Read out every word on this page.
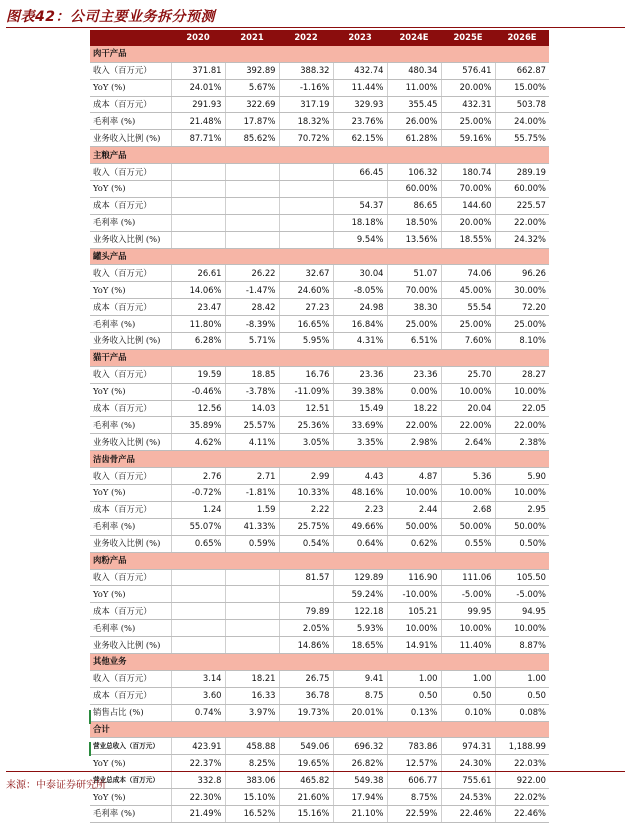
图表42：公司主要业务拆分预测
	2020	2021	2022	2023	2024E	2025E	2026E
肉干产品							
收入（百万元）	371.81	392.89	388.32	432.74	480.34	576.41	662.87
YoY (%)	24.01%	5.67%	-1.16%	11.44%	11.00%	20.00%	15.00%
成本（百万元）	291.93	322.69	317.19	329.93	355.45	432.31	503.78
毛利率 (%)	21.48%	17.87%	18.32%	23.76%	26.00%	25.00%	24.00%
业务收入比例 (%)	87.71%	85.62%	70.72%	62.15%	61.28%	59.16%	55.75%
主粮产品							
收入（百万元）				66.45	106.32	180.74	289.19
YoY (%)					60.00%	70.00%	60.00%
成本（百万元）				54.37	86.65	144.60	225.57
毛利率 (%)				18.18%	18.50%	20.00%	22.00%
业务收入比例 (%)				9.54%	13.56%	18.55%	24.32%
罐头产品							
收入（百万元）	26.61	26.22	32.67	30.04	51.07	74.06	96.26
YoY (%)	14.06%	-1.47%	24.60%	-8.05%	70.00%	45.00%	30.00%
成本（百万元）	23.47	28.42	27.23	24.98	38.30	55.54	72.20
毛利率 (%)	11.80%	-8.39%	16.65%	16.84%	25.00%	25.00%	25.00%
业务收入比例 (%)	6.28%	5.71%	5.95%	4.31%	6.51%	7.60%	8.10%
猫干产品							
收入（百万元）	19.59	18.85	16.76	23.36	23.36	25.70	28.27
YoY (%)	-0.46%	-3.78%	-11.09%	39.38%	0.00%	10.00%	10.00%
成本（百万元）	12.56	14.03	12.51	15.49	18.22	20.04	22.05
毛利率 (%)	35.89%	25.57%	25.36%	33.69%	22.00%	22.00%	22.00%
业务收入比例 (%)	4.62%	4.11%	3.05%	3.35%	2.98%	2.64%	2.38%
洁齿骨产品							
收入（百万元）	2.76	2.71	2.99	4.43	4.87	5.36	5.90
YoY (%)	-0.72%	-1.81%	10.33%	48.16%	10.00%	10.00%	10.00%
成本（百万元）	1.24	1.59	2.22	2.23	2.44	2.68	2.95
毛利率 (%)	55.07%	41.33%	25.75%	49.66%	50.00%	50.00%	50.00%
业务收入比例 (%)	0.65%	0.59%	0.54%	0.64%	0.62%	0.55%	0.50%
肉粉产品							
收入（百万元）			81.57	129.89	116.90	111.06	105.50
YoY (%)				59.24%	-10.00%	-5.00%	-5.00%
成本（百万元）			79.89	122.18	105.21	99.95	94.95
毛利率 (%)			2.05%	5.93%	10.00%	10.00%	10.00%
业务收入比例 (%)			14.86%	18.65%	14.91%	11.40%	8.87%
其他业务							
收入（百万元）	3.14	18.21	26.75	9.41	1.00	1.00	1.00
成本（百万元）	3.60	16.33	36.78	8.75	0.50	0.50	0.50
销售占比 (%)	0.74%	3.97%	19.73%	20.01%	0.13%	0.10%	0.08%
合计							
营业总收入（百万元）	423.91	458.88	549.06	696.32	783.86	974.31	1,188.99
YoY (%)	22.37%	8.25%	19.65%	26.82%	12.57%	24.30%	22.03%
营业总成本（百万元）	332.8	383.06	465.82	549.38	606.77	755.61	922.00
YoY (%)	22.30%	15.10%	21.60%	17.94%	8.75%	24.53%	22.02%
毛利率 (%)	21.49%	16.52%	15.16%	21.10%	22.59%	22.46%	22.46%
来源：中泰证券研究所
